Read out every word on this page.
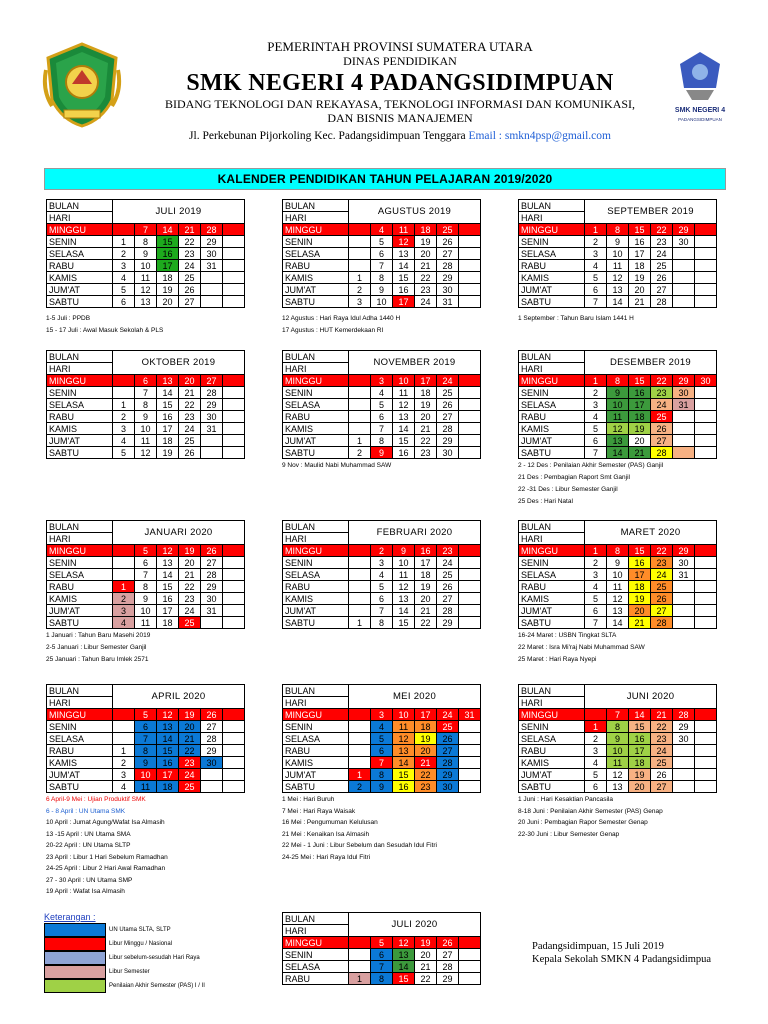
SMK NEGERI 4
PADANGSIDIMPUAN
PEMERINTAH PROVINSI SUMATERA UTARA
DINAS PENDIDIKAN
SMK NEGERI 4 PADANGSIDIMPUAN
BIDANG TEKNOLOGI DAN REKAYASA, TEKNOLOGI INFORMASI DAN KOMUNIKASI,
DAN BISNIS MANAJEMEN
Jl. Perkebunan Pijorkoling Kec. Padangsidimpuan Tenggara Email : smkn4psp@gmail.com
KALENDER PENDIDIKAN TAHUN PELAJARAN 2019/2020
BULAN	JULI 2019					
HARI						
MINGGU		7	14	21	28	
SENIN	1	8	15	22	29	
SELASA	2	9	16	23	30	
RABU	3	10	17	24	31	
KAMIS	4	11	18	25		
JUM'AT	5	12	19	26		
SABTU	6	13	20	27		
BULAN	AGUSTUS 2019					
HARI						
MINGGU		4	11	18	25	
SENIN		5	12	19	26	
SELASA		6	13	20	27	
RABU		7	14	21	28	
KAMIS	1	8	15	22	29	
JUM'AT	2	9	16	23	30	
SABTU	3	10	17	24	31	
BULAN	SEPTEMBER 2019					
HARI						
MINGGU	1	8	15	22	29	
SENIN	2	9	16	23	30	
SELASA	3	10	17	24		
RABU	4	11	18	25		
KAMIS	5	12	19	26		
JUM'AT	6	13	20	27		
SABTU	7	14	21	28		
BULAN	OKTOBER 2019					
HARI						
MINGGU		6	13	20	27	
SENIN		7	14	21	28	
SELASA	1	8	15	22	29	
RABU	2	9	16	23	30	
KAMIS	3	10	17	24	31	
JUM'AT	4	11	18	25		
SABTU	5	12	19	26		
BULAN	NOVEMBER 2019					
HARI						
MINGGU		3	10	17	24	
SENIN		4	11	18	25	
SELASA		5	12	19	26	
RABU		6	13	20	27	
KAMIS		7	14	21	28	
JUM'AT	1	8	15	22	29	
SABTU	2	9	16	23	30	
BULAN	DESEMBER 2019					
HARI						
MINGGU	1	8	15	22	29	30
SENIN	2	9	16	23	30	
SELASA	3	10	17	24	31	
RABU	4	11	18	25		
KAMIS	5	12	19	26		
JUM'AT	6	13	20	27		
SABTU	7	14	21	28		
BULAN	JANUARI 2020					
HARI						
MINGGU		5	12	19	26	
SENIN		6	13	20	27	
SELASA		7	14	21	28	
RABU	1	8	15	22	29	
KAMIS	2	9	16	23	30	
JUM'AT	3	10	17	24	31	
SABTU	4	11	18	25		
BULAN	FEBRUARI 2020					
HARI						
MINGGU		2	9	16	23	
SENIN		3	10	17	24	
SELASA		4	11	18	25	
RABU		5	12	19	26	
KAMIS		6	13	20	27	
JUM'AT		7	14	21	28	
SABTU	1	8	15	22	29	
BULAN	MARET 2020					
HARI						
MINGGU	1	8	15	22	29	
SENIN	2	9	16	23	30	
SELASA	3	10	17	24	31	
RABU	4	11	18	25		
KAMIS	5	12	19	26		
JUM'AT	6	13	20	27		
SABTU	7	14	21	28		
BULAN	APRIL 2020					
HARI						
MINGGU		5	12	19	26	
SENIN		6	13	20	27	
SELASA		7	14	21	28	
RABU	1	8	15	22	29	
KAMIS	2	9	16	23	30	
JUM'AT	3	10	17	24		
SABTU	4	11	18	25		
BULAN	MEI 2020					
HARI						
MINGGU		3	10	17	24	31
SENIN		4	11	18	25	
SELASA		5	12	19	26	
RABU		6	13	20	27	
KAMIS		7	14	21	28	
JUM'AT	1	8	15	22	29	
SABTU	2	9	16	23	30	
BULAN	JUNI 2020					
HARI						
MINGGU		7	14	21	28	
SENIN	1	8	15	22	29	
SELASA	2	9	16	23	30	
RABU	3	10	17	24		
KAMIS	4	11	18	25		
JUM'AT	5	12	19	26		
SABTU	6	13	20	27		
BULAN	JULI 2020					
HARI						
MINGGU		5	12	19	26	
SENIN		6	13	20	27	
SELASA		7	14	21	28	
RABU	1	8	15	22	29	
1-5 Juli : PPDB
15 - 17 Juli : Awal Masuk Sekolah & PLS
12 Agustus : Hari Raya Idul Adha 1440 H
17 Agustus : HUT Kemerdekaan RI
1 September : Tahun Baru Islam 1441 H
9 Nov : Maulid Nabi Muhammad SAW	2 - 12 Des : Penilaian Akhir Semester (PAS) Ganjil
21 Des : Pembagian Raport Smt Ganjil
22 -31 Des : Libur Semester Ganjil
25 Des : Hari Natal
1 Januari : Tahun Baru Masehi 2019
2-5 Januari : Libur Semester Ganjil
25 Januari : Tahun Baru Imlek 2571
16-24 Maret : USBN Tingkat SLTA
22 Maret : Isra Mi'raj Nabi Muhammad SAW
25 Maret : Hari Raya Nyepi
6 April-9 Mei : Ujian Produktif SMK
6 - 8 April : UN Utama SMK
10 April : Jumat Agung/Wafat Isa Almasih
13 -15 April : UN Utama SMA
20-22 April : UN Utama SLTP
23 April : Libur 1 Hari Sebelum Ramadhan
24-25 April : Libur 2 Hari Awal Ramadhan
27 - 30 April : UN Utama SMP
19 April : Wafat Isa Almasih
1 Mei : Hari Buruh
7 Mei : Hari Raya Waisak
16 Mei : Pengumuman Kelulusan
21 Mei : Kenaikan Isa Almasih
22 Mei - 1 Juni : Libur Sebelum dan Sesudah Idul Fitri
24-25 Mei : Hari Raya Idul Fitri
1 Juni : Hari Kesaktian Pancasila
8-18 Juni : Penilaian Akhir Semester (PAS) Genap
20 Juni : Pembagian Rapor Semester Genap
22-30 Juni : Libur Semester Genap
Keterangan :
UN Utama SLTA, SLTP
Libur Minggu / Nasional
Libur sebelum-sesudah Hari Raya
Libur Semester
Penilaian Akhir Semester (PAS) I / II
Padangsidimpuan, 15 Juli 2019
Kepala Sekolah SMKN 4 Padangsidimpua
